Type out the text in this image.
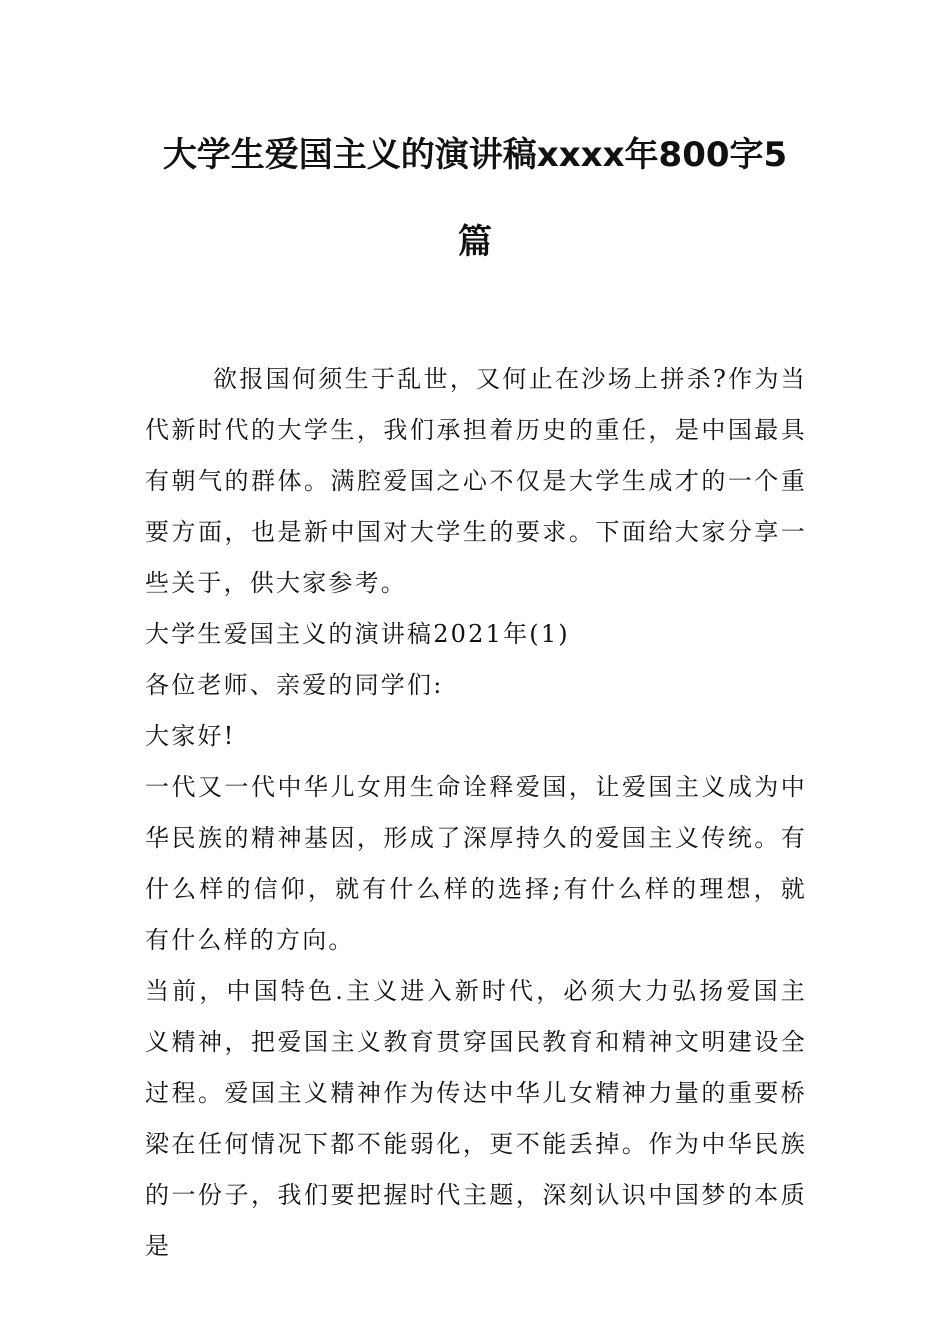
大学生爱国主义的演讲稿xxxx年800字5
篇

欲报国何须生于乱世，又何止在沙场上拼杀?作为当代新时代的大学生，我们承担着历史的重任，是中国最具有朝气的群体。满腔爱国之心不仅是大学生成才的一个重要方面，也是新中国对大学生的要求。下面给大家分享一些关于，供大家参考。

大学生爱国主义的演讲稿2021年(1)

各位老师、亲爱的同学们:

大家好!

一代又一代中华儿女用生命诠释爱国，让爱国主义成为中华民族的精神基因，形成了深厚持久的爱国主义传统。有什么样的信仰，就有什么样的选择;有什么样的理想，就有什么样的方向。

当前，中国特色.主义进入新时代，必须大力弘扬爱国主义精神，把爱国主义教育贯穿国民教育和精神文明建设全过程。爱国主义精神作为传达中华儿女精神力量的重要桥梁在任何情况下都不能弱化，更不能丢掉。作为中华民族的一份子，我们要把握时代主题，深刻认识中国梦的本质是
